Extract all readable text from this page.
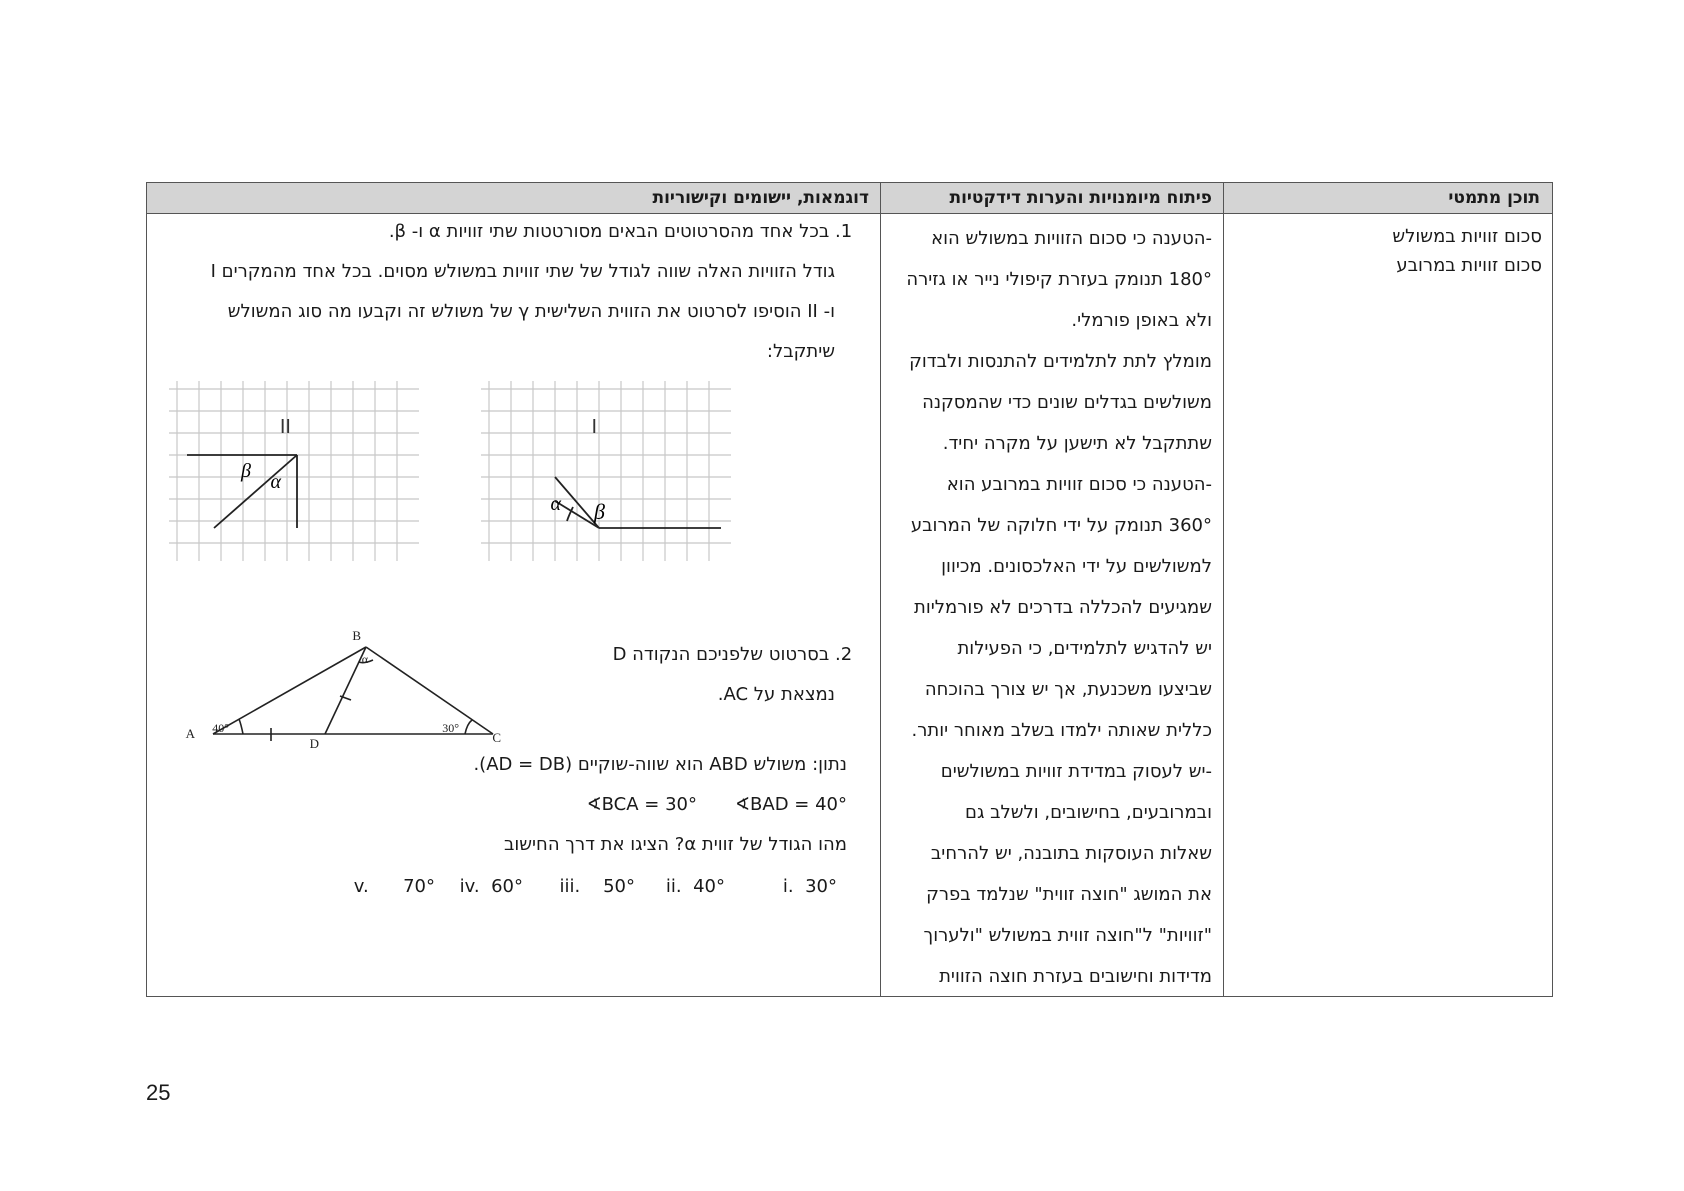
תוכן מתמטי
פיתוח מיומנויות והערות דידקטיות
דוגמאות, יישומים וקישוריות
סכום זוויות במשולש
סכום זוויות במרובע
-הטענה כי סכום הזוויות במשולש הוא
180° תנומק בעזרת קיפולי נייר או גזירה
ולא באופן פורמלי.
מומלץ לתת לתלמידים להתנסות ולבדוק
משולשים בגדלים שונים כדי שהמסקנה
שתתקבל לא תישען על מקרה יחיד.
-הטענה כי סכום זוויות במרובע הוא
360° תנומק על ידי חלוקה של המרובע
למשולשים על ידי האלכסונים. מכיוון
שמגיעים להכללה בדרכים לא פורמליות
יש להדגיש לתלמידים, כי הפעילות
שביצעו משכנעת, אך יש צורך בהוכחה
כללית שאותה ילמדו בשלב מאוחר יותר.
-יש לעסוק במדידת זוויות במשולשים
ובמרובעים, בחישובים, ולשלב גם
שאלות העוסקות בתובנה, יש להרחיב
את המושג "חוצה זווית" שנלמד בפרק
"זוויות" ל"חוצה זווית במשולש "ולערוך
מדידות וחישובים בעזרת חוצה הזווית
1. בכל אחד מהסרטוטים הבאים מסורטטות שתי זוויות α ו- β.
גודל הזוויות האלה שווה לגודל של שתי זוויות במשולש מסוים. בכל אחד מהמקרים I
ו- II הוסיפו לסרטוט את הזווית השלישית γ של משולש זה וקבעו מה סוג המשולש
שיתקבל:
I
α β
II
β α
2. בסרטוט שלפניכם הנקודה D
נמצאת על AC.
נתון: משולש ABD הוא שווה-שוקיים (AD = DB).
∢BAD = 40°
∢BCA = 30°
מהו הגודל של זווית α? הציגו את דרך החישוב
i. 30°
ii. 40°
iii. 50°
iv. 60°
v. 70°
A
B
C
D
40°	30°
α
25
